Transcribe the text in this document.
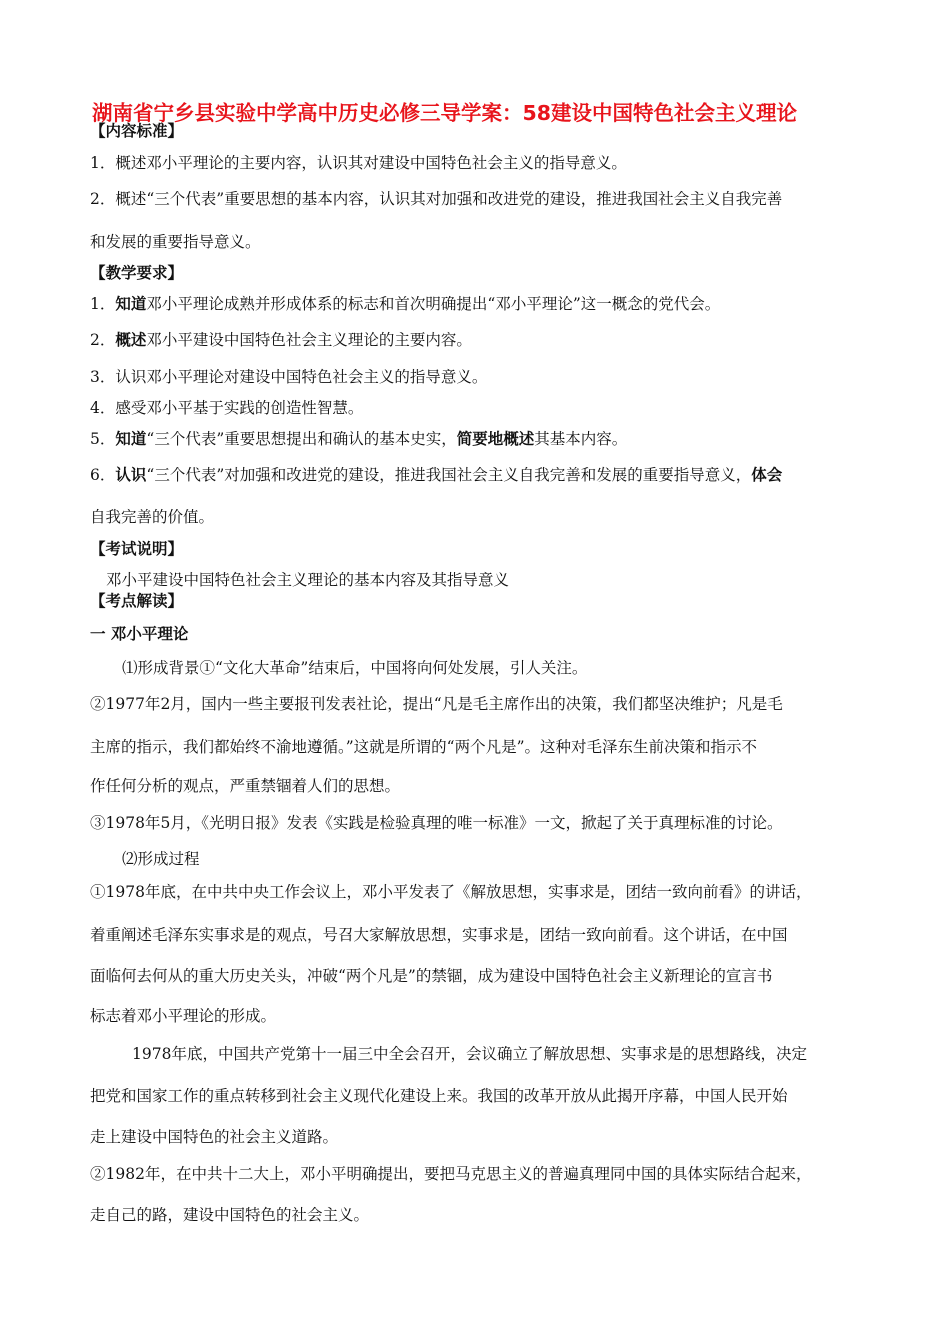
湖南省宁乡县实验中学高中历史必修三导学案：58建设中国特色社会主义理论
【内容标准】
1．概述邓小平理论的主要内容，认识其对建设中国特色社会主义的指导意义。
2．概述“三个代表”重要思想的基本内容，认识其对加强和改进党的建设，推进我国社会主义自我完善
和发展的重要指导意义。
【教学要求】
1．知道邓小平理论成熟并形成体系的标志和首次明确提出“邓小平理论”这一概念的党代会。
2．概述邓小平建设中国特色社会主义理论的主要内容。
3．认识邓小平理论对建设中国特色社会主义的指导意义。
4．感受邓小平基于实践的创造性智慧。
5．知道“三个代表”重要思想提出和确认的基本史实，简要地概述其基本内容。
6．认识“三个代表”对加强和改进党的建设，推进我国社会主义自我完善和发展的重要指导意义，体会
自我完善的价值。
【考试说明】
邓小平建设中国特色社会主义理论的基本内容及其指导意义
【考点解读】
一 邓小平理论
⑴形成背景①“文化大革命”结束后，中国将向何处发展，引人关注。
②1977年2月，国内一些主要报刊发表社论，提出“凡是毛主席作出的决策，我们都坚决维护；凡是毛
主席的指示，我们都始终不渝地遵循。”这就是所谓的“两个凡是”。这种对毛泽东生前决策和指示不
作任何分析的观点，严重禁锢着人们的思想。
③1978年5月，《光明日报》发表《实践是检验真理的唯一标准》一文，掀起了关于真理标准的讨论。
⑵形成过程
①1978年底，在中共中央工作会议上，邓小平发表了《解放思想，实事求是，团结一致向前看》的讲话，
着重阐述毛泽东实事求是的观点，号召大家解放思想，实事求是，团结一致向前看。这个讲话，在中国
面临何去何从的重大历史关头，冲破“两个凡是”的禁锢，成为建设中国特色社会主义新理论的宣言书
标志着邓小平理论的形成。
1978年底，中国共产党第十一届三中全会召开，会议确立了解放思想、实事求是的思想路线，决定
把党和国家工作的重点转移到社会主义现代化建设上来。我国的改革开放从此揭开序幕，中国人民开始
走上建设中国特色的社会主义道路。
②1982年，在中共十二大上，邓小平明确提出，要把马克思主义的普遍真理同中国的具体实际结合起来，
走自己的路，建设中国特色的社会主义。
